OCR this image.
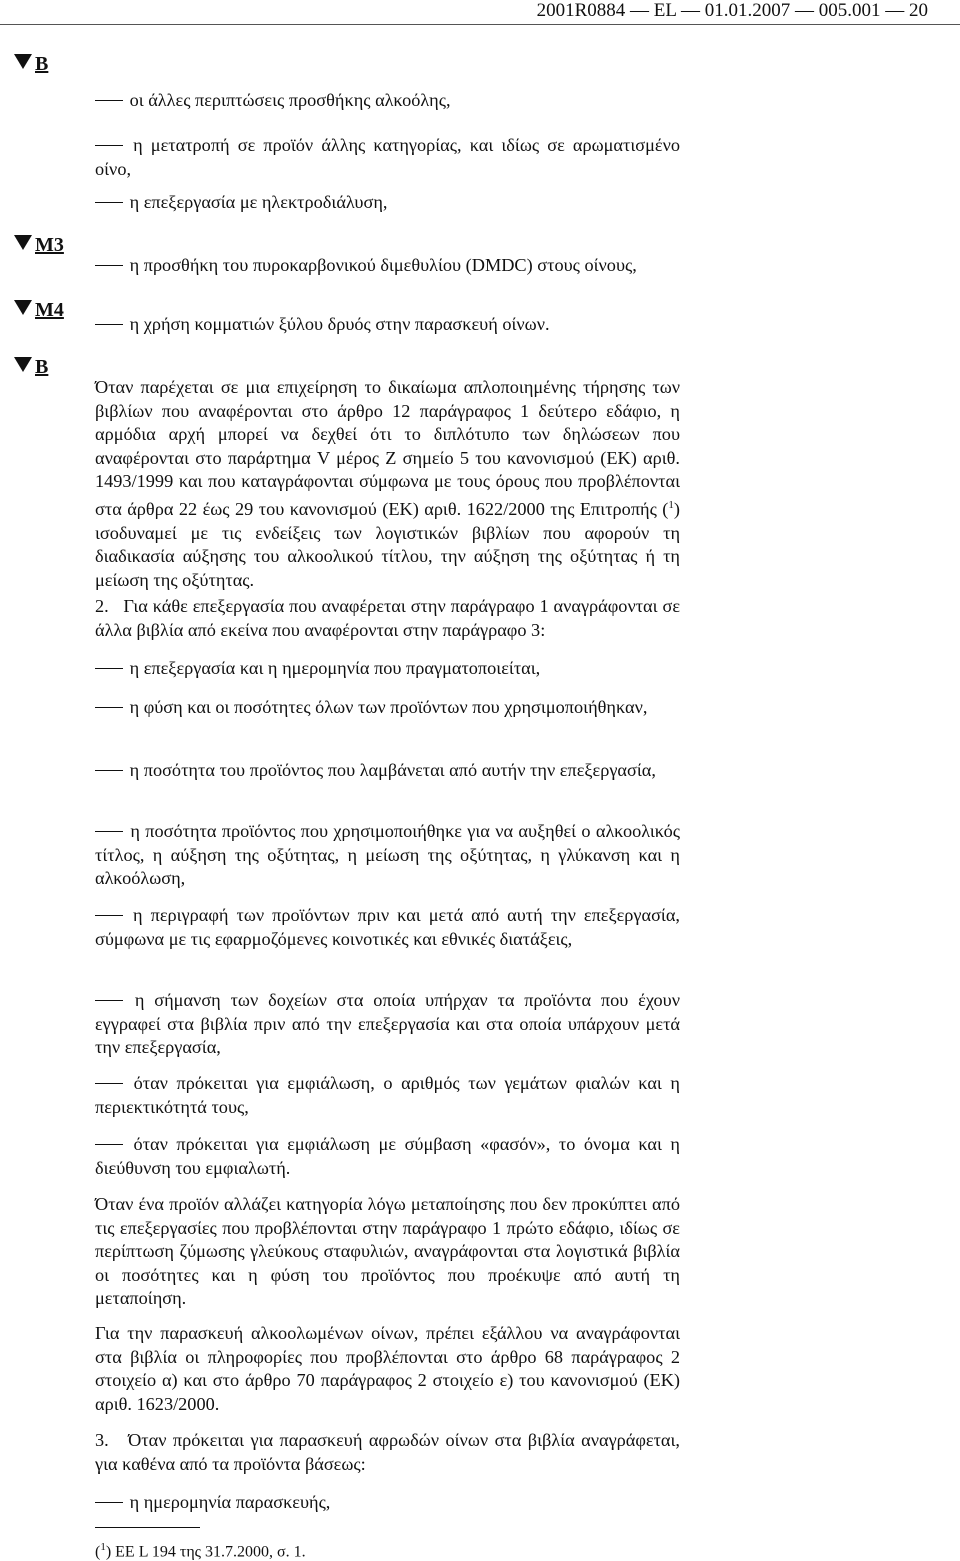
2001R0884 — EL — 01.01.2007 — 005.001 — 20
B
M3
M4
B
οι άλλες περιπτώσεις προσθήκης αλκοόλης,
η μετατροπή σε προϊόν άλλης κατηγορίας, και ιδίως σε αρωματισμένο οίνο,
η επεξεργασία με ηλεκτροδιάλυση,
η προσθήκη του πυροκαρβονικού διμεθυλίου (DMDC) στους οίνους,
η χρήση κομματιών ξύλου δρυός στην παρασκευή οίνων.
Όταν παρέχεται σε μια επιχείρηση το δικαίωμα απλοποιημένης τήρησης των βιβλίων που αναφέρονται στο άρθρο 12 παράγραφος 1 δεύτερο εδάφιο, η αρμόδια αρχή μπορεί να δεχθεί ότι το διπλότυπο των δηλώσεων που αναφέρονται στο παράρτημα V μέρος Ζ σημείο 5 του κανονισμού (ΕΚ) αριθ. 1493/1999 και που καταγράφονται σύμφωνα με τους όρους που προβλέπονται στα άρθρα 22 έως 29 του κανονισμού (ΕΚ) αριθ. 1622/2000 της Επιτροπής ($^1$) ισοδυναμεί με τις ενδείξεις των λογιστικών βιβλίων που αφορούν τη διαδικασία αύξησης του αλκοολικού τίτλου, την αύξηση της οξύτητας ή τη μείωση της οξύτητας.
2.   Για κάθε επεξεργασία που αναφέρεται στην παράγραφο 1 αναγράφονται σε άλλα βιβλία από εκείνα που αναφέρονται στην παράγραφο 3:
η επεξεργασία και η ημερομηνία που πραγματοποιείται,
η φύση και οι ποσότητες όλων των προϊόντων που χρησιμοποιήθηκαν,
η ποσότητα του προϊόντος που λαμβάνεται από αυτήν την επεξεργασία,
η ποσότητα προϊόντος που χρησιμοποιήθηκε για να αυξηθεί ο αλκοολικός τίτλος, η αύξηση της οξύτητας, η μείωση της οξύτητας, η γλύκανση και η αλκοόλωση,
η περιγραφή των προϊόντων πριν και μετά από αυτή την επεξεργασία, σύμφωνα με τις εφαρμοζόμενες κοινοτικές και εθνικές διατάξεις,
η σήμανση των δοχείων στα οποία υπήρχαν τα προϊόντα που έχουν εγγραφεί στα βιβλία πριν από την επεξεργασία και στα οποία υπάρχουν μετά την επεξεργασία,
όταν πρόκειται για εμφιάλωση, ο αριθμός των γεμάτων φιαλών και η περιεκτικότητά τους,
όταν πρόκειται για εμφιάλωση με σύμβαση «φασόν», το όνομα και η διεύθυνση του εμφιαλωτή.
Όταν ένα προϊόν αλλάζει κατηγορία λόγω μεταποίησης που δεν προκύπτει από τις επεξεργασίες που προβλέπονται στην παράγραφο 1 πρώτο εδάφιο, ιδίως σε περίπτωση ζύμωσης γλεύκους σταφυλιών, αναγράφονται στα λογιστικά βιβλία οι ποσότητες και η φύση του προϊόντος που προέκυψε από αυτή τη μεταποίηση.
Για την παρασκευή αλκοολωμένων οίνων, πρέπει εξάλλου να αναγράφονται στα βιβλία οι πληροφορίες που προβλέπονται στο άρθρο 68 παράγραφος 2 στοιχείο α) και στο άρθρο 70 παράγραφος 2 στοιχείο ε) του κανονισμού (ΕΚ) αριθ. 1623/2000.
3.   Όταν πρόκειται για παρασκευή αφρωδών οίνων στα βιβλία αναγράφεται, για καθένα από τα προϊόντα βάσεως:
η ημερομηνία παρασκευής,
($^1$) ΕΕ L 194 της 31.7.2000, σ. 1.
